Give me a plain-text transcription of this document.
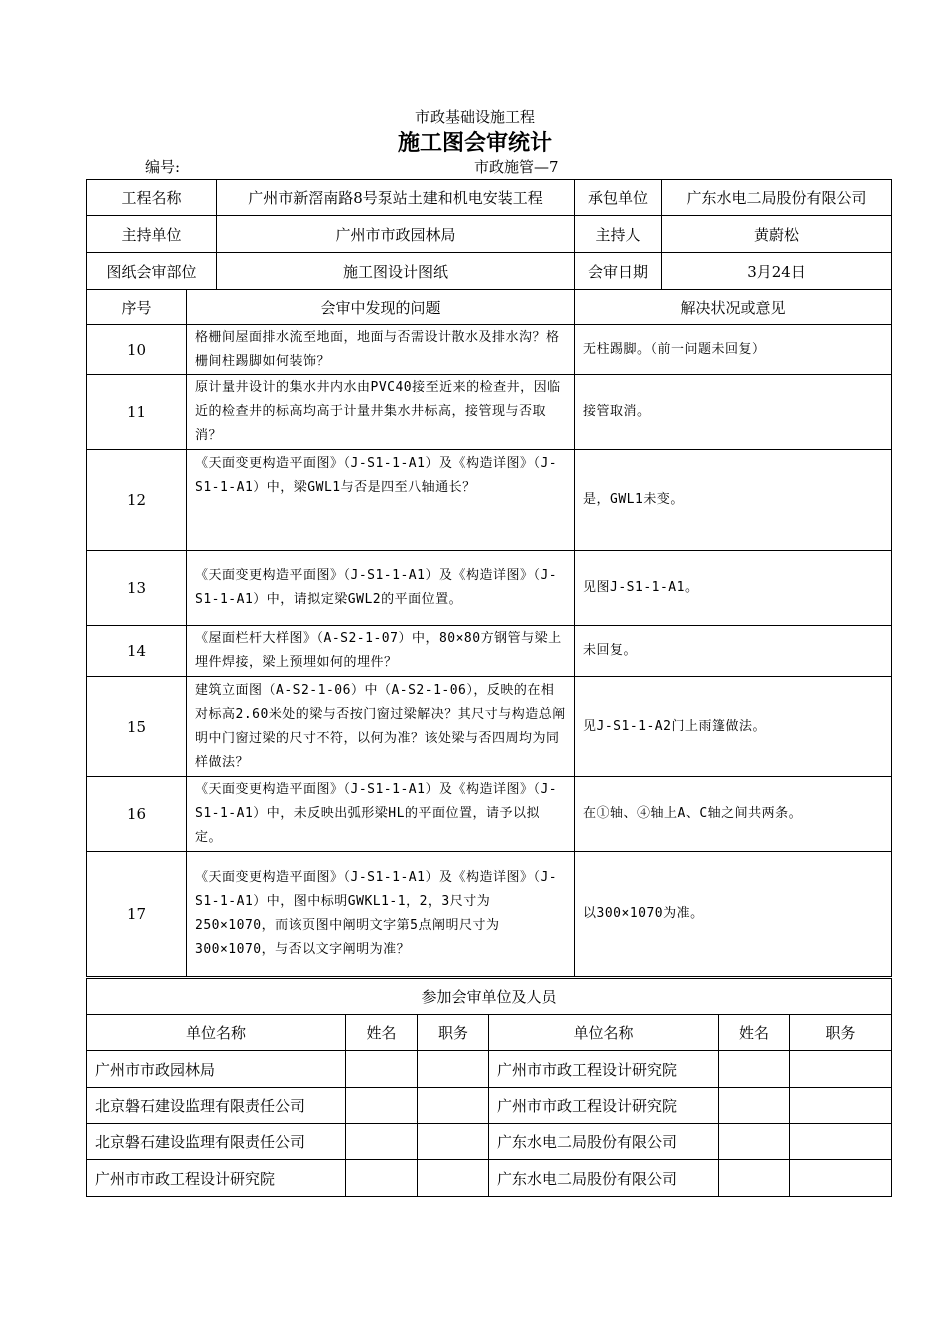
市政基础设施工程
施工图会审统计
编号:	市政施管—7
工程名称		广州市新滘南路8号泵站土建和机电安装工程	承包单位	广东水电二局股份有限公司
主持单位		广州市市政园林局	主持人	黄蔚松
图纸会审部位		施工图设计图纸	会审日期	3月24日
序号	会审中发现的问题		解决状况或意见	
10	格栅间屋面排水流至地面，地面与否需设计散水及排水沟？格栅间柱踢脚如何装饰？		无柱踢脚。（前一问题未回复）	
11	原计量井设计的集水井内水由PVC40接至近来的检查井，因临近的检查井的标高均高于计量井集水井标高，接管现与否取消？		接管取消。	
12	《天面变更构造平面图》（J-S1-1-A1）及《构造详图》（J-S1-1-A1）中，梁GWL1与否是四至八轴通长？		是，GWL1未变。	
13	《天面变更构造平面图》（J-S1-1-A1）及《构造详图》（J-S1-1-A1）中，请拟定梁GWL2的平面位置。		见图J-S1-1-A1。	
14	《屋面栏杆大样图》（A-S2-1-07）中，80×80方钢管与梁上埋件焊接，梁上预埋如何的埋件？		未回复。	
15	建筑立面图（A-S2-1-06）中（A-S2-1-06），反映的在相对标高2.60米处的梁与否按门窗过梁解决？其尺寸与构造总阐明中门窗过梁的尺寸不符，以何为准？该处梁与否四周均为同样做法？		见J-S1-1-A2门上雨篷做法。	
16	《天面变更构造平面图》（J-S1-1-A1）及《构造详图》（J-S1-1-A1）中，未反映出弧形梁HL的平面位置，请予以拟定。		在①轴、④轴上A、C轴之间共两条。	
17	《天面变更构造平面图》（J-S1-1-A1）及《构造详图》（J-S1-1-A1）中，图中标明GWKL1-1，2，3尺寸为250×1070，而该页图中阐明文字第5点阐明尺寸为300×1070，与否以文字阐明为准？		以300×1070为准。	
参加会审单位及人员					
单位名称	姓名	职务	单位名称	姓名	职务
广州市市政园林局			广州市市政工程设计研究院		
北京磐石建设监理有限责任公司			广州市市政工程设计研究院		
北京磐石建设监理有限责任公司			广东水电二局股份有限公司		
广州市市政工程设计研究院			广东水电二局股份有限公司		
